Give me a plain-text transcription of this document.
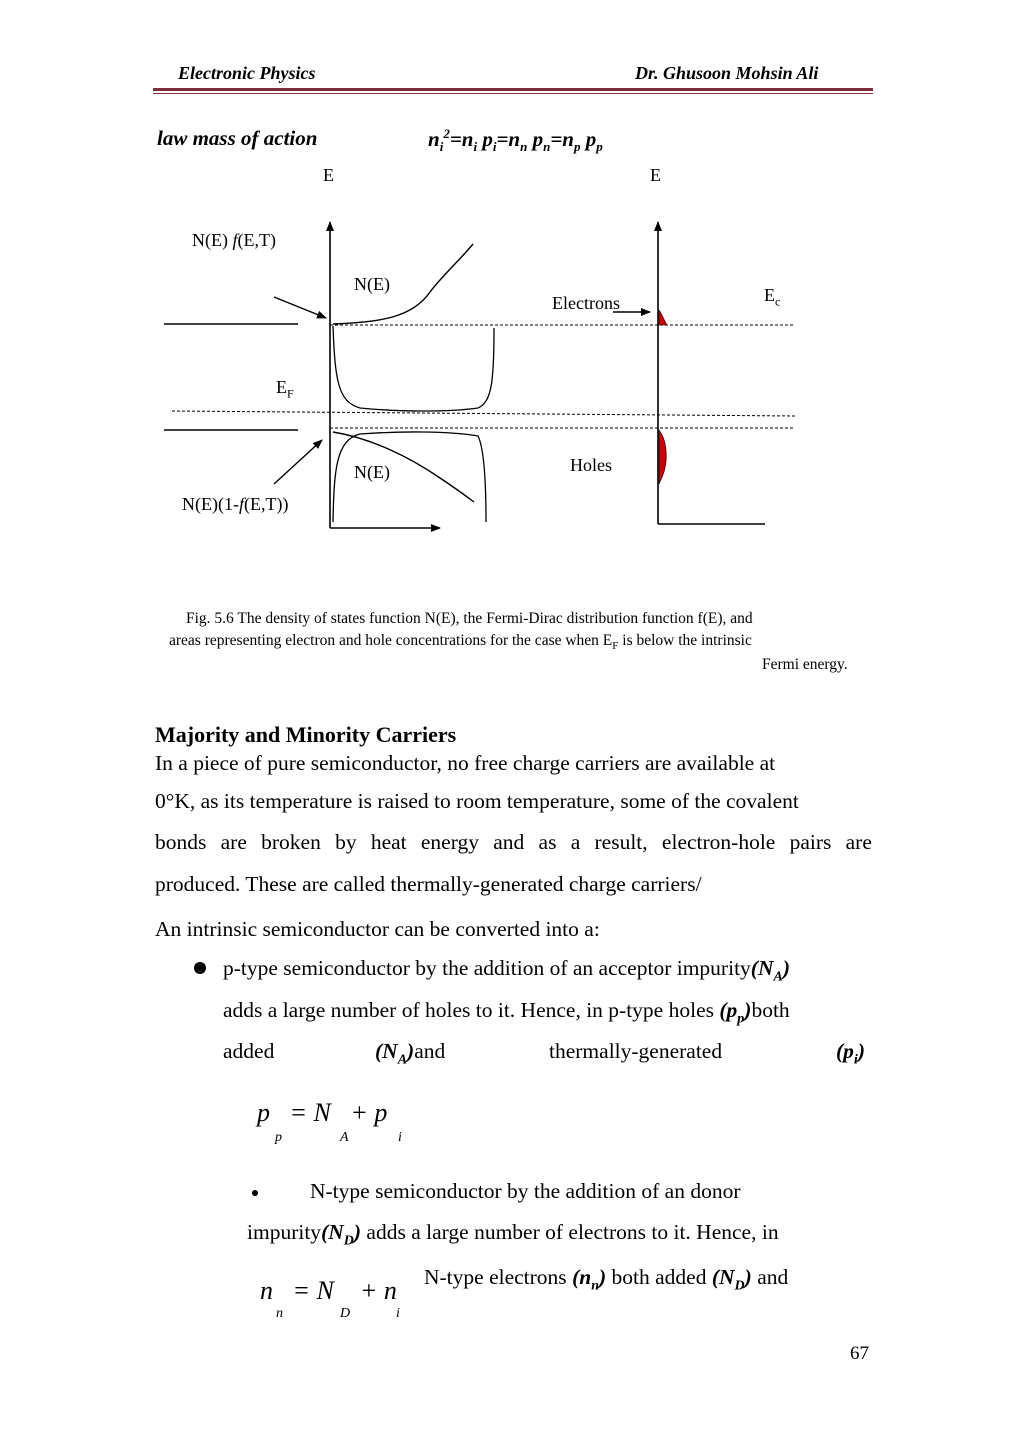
Electronic Physics	Dr. Ghusoon Mohsin Ali
law mass of action	$n_i^2=n_i$ $p_i=n_n$ $p_n=n_p$ $p_p$
E	E
N(E) f(E,T)
N(E)
Electrons	$E_c$
$E_F$
Holes
N(E)
N(E)(1-f(E,T))
Fig. 5.6 The density of states function N(E), the Fermi-Dirac distribution function f(E), and
areas representing electron and hole concentrations for the case when $E_F$ is below the intrinsic
Fermi energy.
Majority and Minority Carriers
In a piece of pure semiconductor, no free charge carriers are available at
0°K, as its temperature is raised to room temperature, some of the covalent
bonds are broken by heat energy and as a result, electron-hole pairs are
produced. These are called thermally-generated charge carriers/
An intrinsic semiconductor can be converted into a:
p-type semiconductor by the addition of an acceptor $impurity(N_A)$
adds a large number of holes to it. Hence, in p-type holes $(p_p)both$
added	$(N_A)and$	thermally-generated	$(p_i)$
p   = N   + p
p	A	i
N-type semiconductor by the addition of an donor
$impurity(N_D)$ adds a large number of electrons to it. Hence, in
N-type electrons $(n_n)$ both added $(N_D)$ and
n   = N    + n
n	D	i
67
